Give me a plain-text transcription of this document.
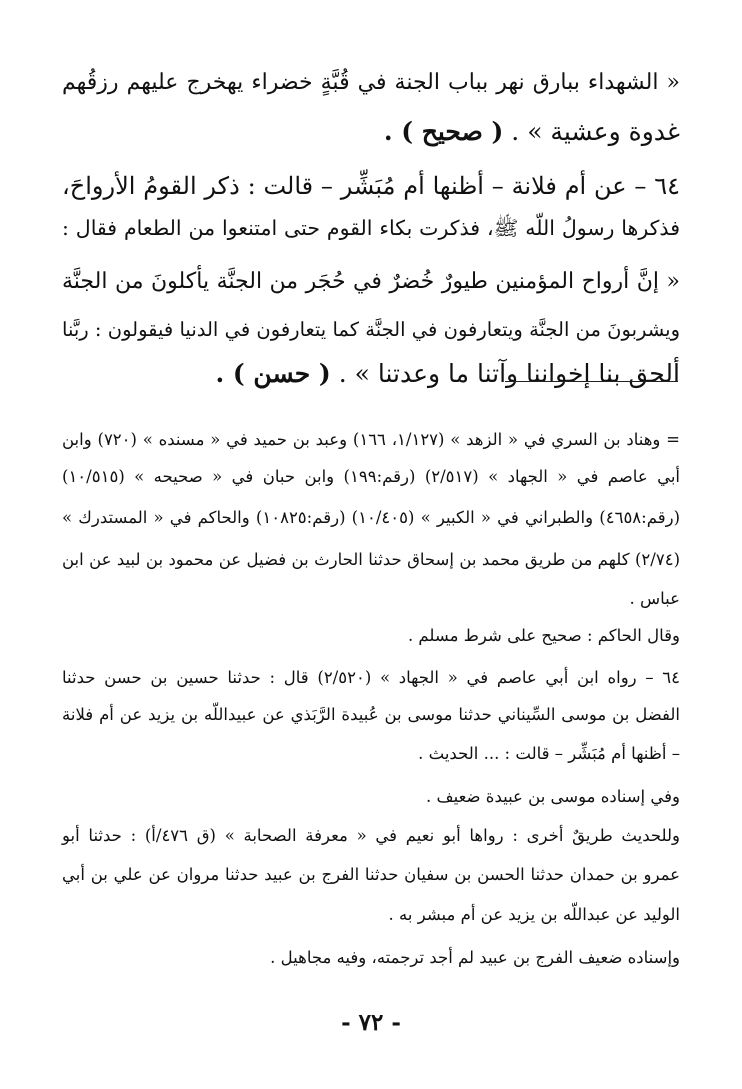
« الشهداء ببارق نهر بباب الجنة في قُبَّةٍ خضراء يهخرج عليهم رزقُهم
غدوة وعشية » . ( صحيح ) .
٦٤ – عن أم فلانة – أظنها أم مُبَشِّر – قالت : ذكر القومُ الأرواحَ،
فذكرها رسولُ اللّه ﷺ، فذكرت بكاء القوم حتى امتنعوا من الطعام فقال :
« إنَّ أرواح المؤمنين طيورٌ خُضرٌ في حُجَر من الجنَّة يأكلونَ من الجنَّة
ويشربونَ من الجنَّة ويتعارفون في الجنَّة كما يتعارفون في الدنيا فيقولون : ربَّنا
ألحق بنا إخواننا وآتنا ما وعدتنا » . ( حسن ) .
= وهناد بن السري في « الزهد » (١/١٢٧، ١٦٦) وعبد بن حميد في « مسنده » (٧٢٠) وابن
أبي عاصم في « الجهاد » (٢/٥١٧) (رقم:١٩٩) وابن حبان في « صحيحه » (١٠/٥١٥)
(رقم:٤٦٥٨) والطبراني في « الكبير » (١٠/٤٠٥) (رقم:١٠٨٢٥) والحاكم في « المستدرك »
(٢/٧٤) كلهم من طريق محمد بن إسحاق حدثنا الحارث بن فضيل عن محمود بن لبيد عن ابن
عباس .
وقال الحاكم : صحيح على شرط مسلم .
٦٤ – رواه ابن أبي عاصم في « الجهاد » (٢/٥٢٠) قال : حدثنا حسين بن حسن حدثنا
الفضل بن موسى السِّيناني حدثنا موسى بن عُبيدة الرَّبَذي عن عبيداللّه بن يزيد عن أم فلانة
– أظنها أم مُبَشِّر – قالت : ... الحديث .
وفي إسناده موسى بن عبيدة ضعيف .
وللحديث طريقٌ أخرى : رواها أبو نعيم في « معرفة الصحابة » (ق ٤٧٦/أ) : حدثنا أبو
عمرو بن حمدان حدثنا الحسن بن سفيان حدثنا الفرج بن عبيد حدثنا مروان عن علي بن أبي
الوليد عن عبداللّه بن يزيد عن أم مبشر به .
وإسناده ضعيف الفرج بن عبيد لم أجد ترجمته، وفيه مجاهيل .
- ٧٢ -
